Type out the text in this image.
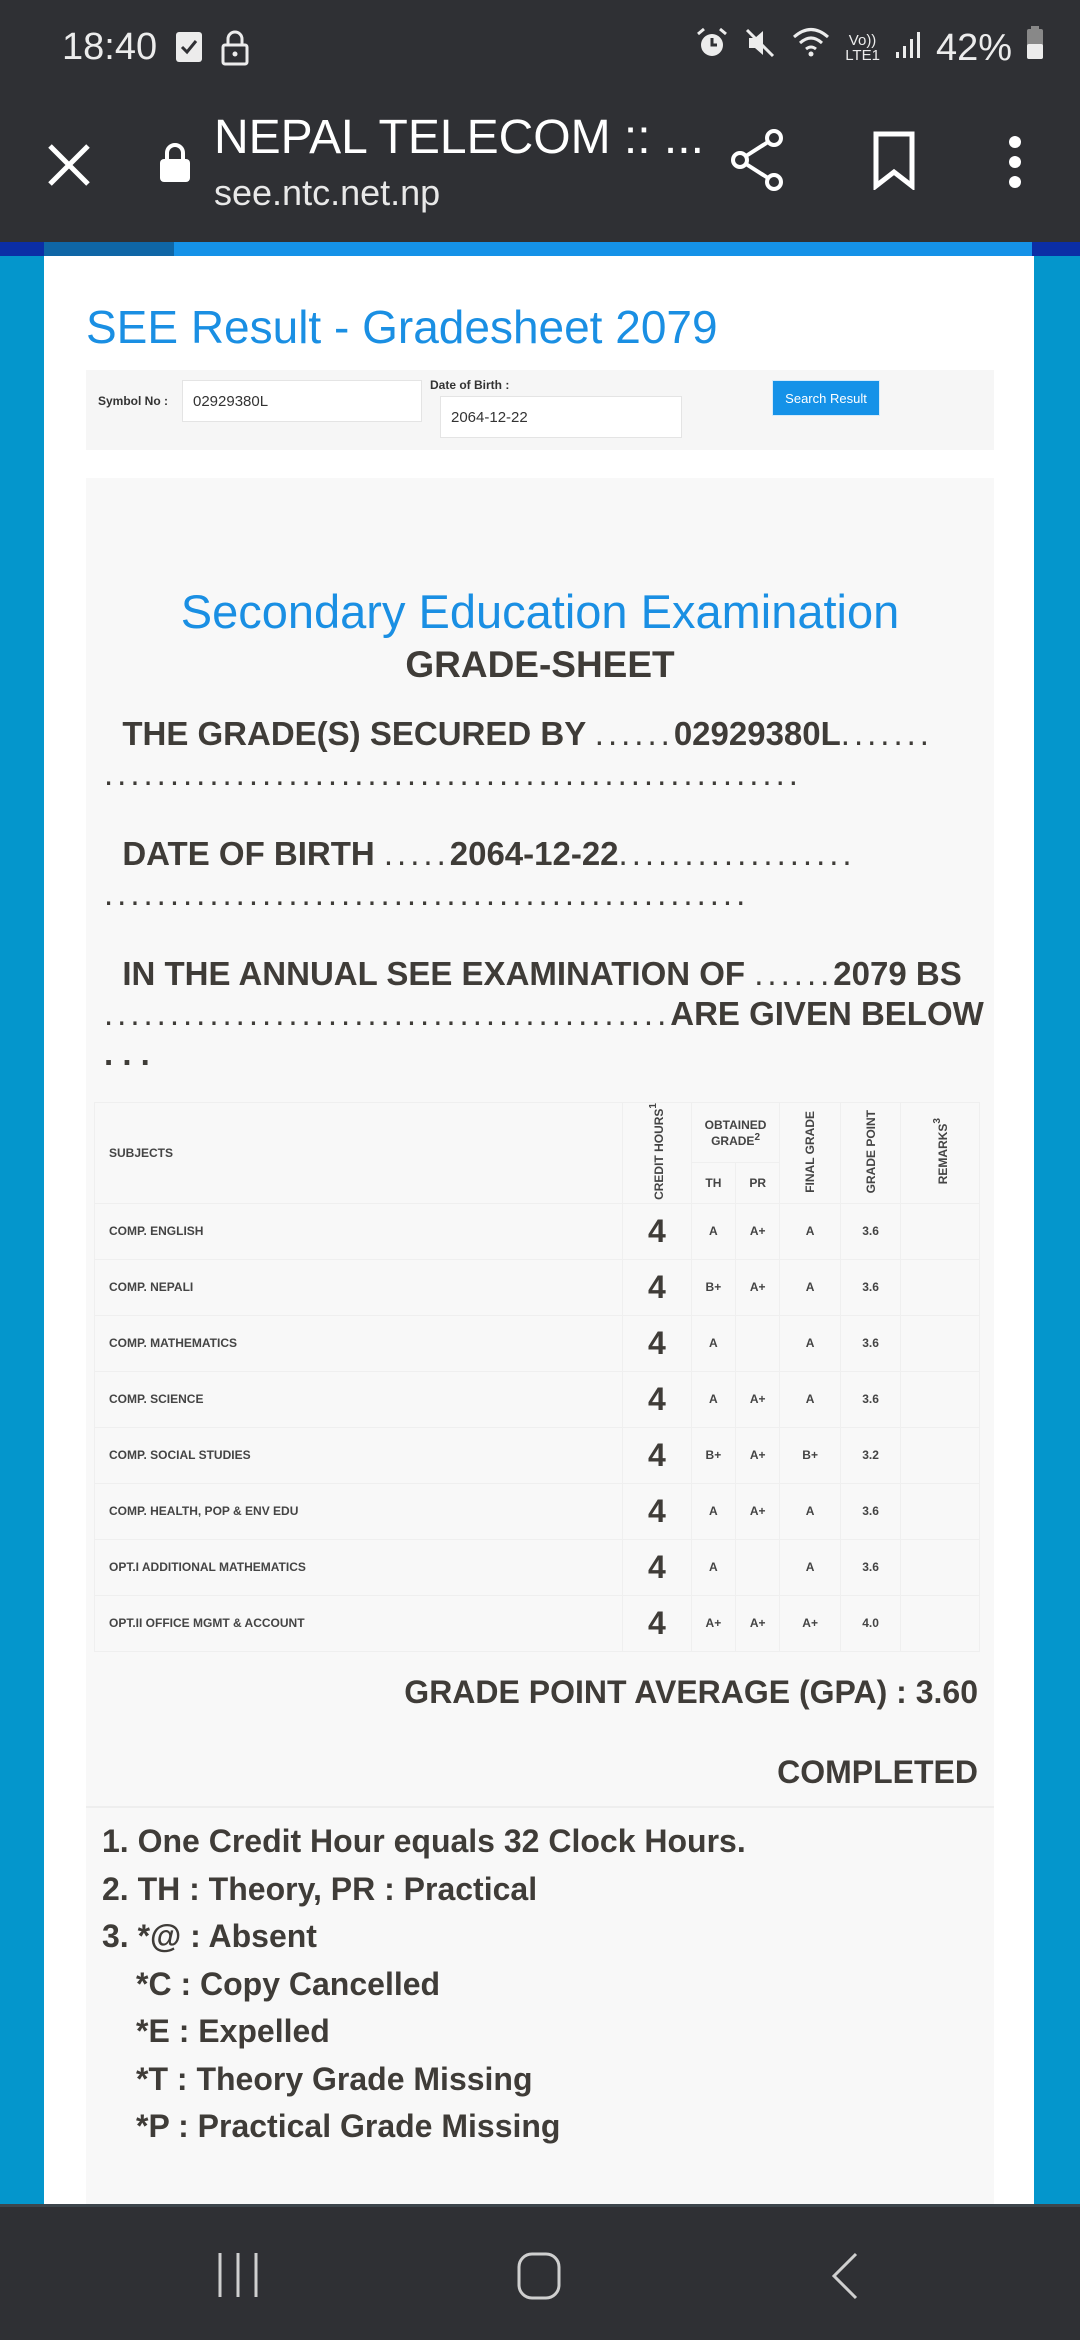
18:40	Vo))
LTE1 42%
NEPAL TELECOM :: ...
see.ntc.net.np
SEE Result - Gradesheet 2079
Symbol No :
02929380L
Date of Birth :
2064-12-22
Search Result
Secondary Education Examination
GRADE-SHEET
THE GRADE(S) SECURED BY ......02929380L.......
.....................................................
DATE OF BIRTH .....2064-12-22..................
.................................................
IN THE ANNUAL SEE EXAMINATION OF ......2079 BS
...........................................ARE GIVEN BELOW . . .
SUBJECTS	CREDIT HOURS$^1$	OBTAINED GRADE$^2$		FINAL GRADE	GRADE POINT	REMARKS$^3$
		TH	PR			
COMP. ENGLISH	4	A	A+	A	3.6	
COMP. NEPALI	4	B+	A+	A	3.6	
COMP. MATHEMATICS	4	A		A	3.6	
COMP. SCIENCE	4	A	A+	A	3.6	
COMP. SOCIAL STUDIES	4	B+	A+	B+	3.2	
COMP. HEALTH, POP & ENV EDU	4	A	A+	A	3.6	
OPT.I ADDITIONAL MATHEMATICS	4	A		A	3.6	
OPT.II OFFICE MGMT & ACCOUNT	4	A+	A+	A+	4.0	
GRADE POINT AVERAGE (GPA) : 3.60
COMPLETED
1. One Credit Hour equals 32 Clock Hours.
2. TH : Theory, PR : Practical
3. *@ : Absent
*C : Copy Cancelled
*E : Expelled
*T : Theory Grade Missing
*P : Practical Grade Missing
